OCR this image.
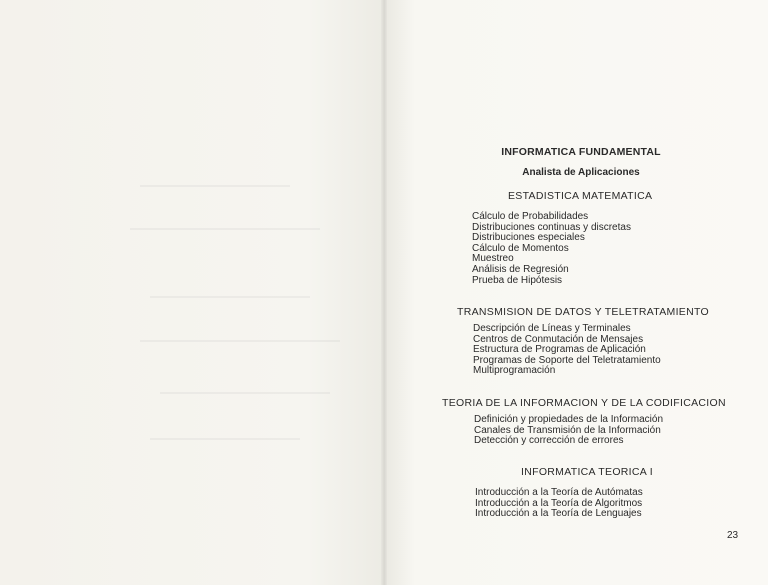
INFORMATICA FUNDAMENTAL
Analista de Aplicaciones
ESTADISTICA MATEMATICA
Cálculo de Probabilidades
Distribuciones continuas y discretas
Distribuciones especiales
Cálculo de Momentos
Muestreo
Análisis de Regresión
Prueba de Hipótesis
TRANSMISION DE DATOS Y TELETRATAMIENTO
Descripción de Líneas y Terminales
Centros de Conmutación de Mensajes
Estructura de Programas de Aplicación
Programas de Soporte del Teletratamiento
Multiprogramación
TEORIA DE LA INFORMACION Y DE LA CODIFICACION
Definición y propiedades de la Información
Canales de Transmisión de la Información
Detección y corrección de errores
INFORMATICA TEORICA I
Introducción a la Teoría de Autómatas
Introducción a la Teoría de Algoritmos
Introducción a la Teoría de Lenguajes
23
